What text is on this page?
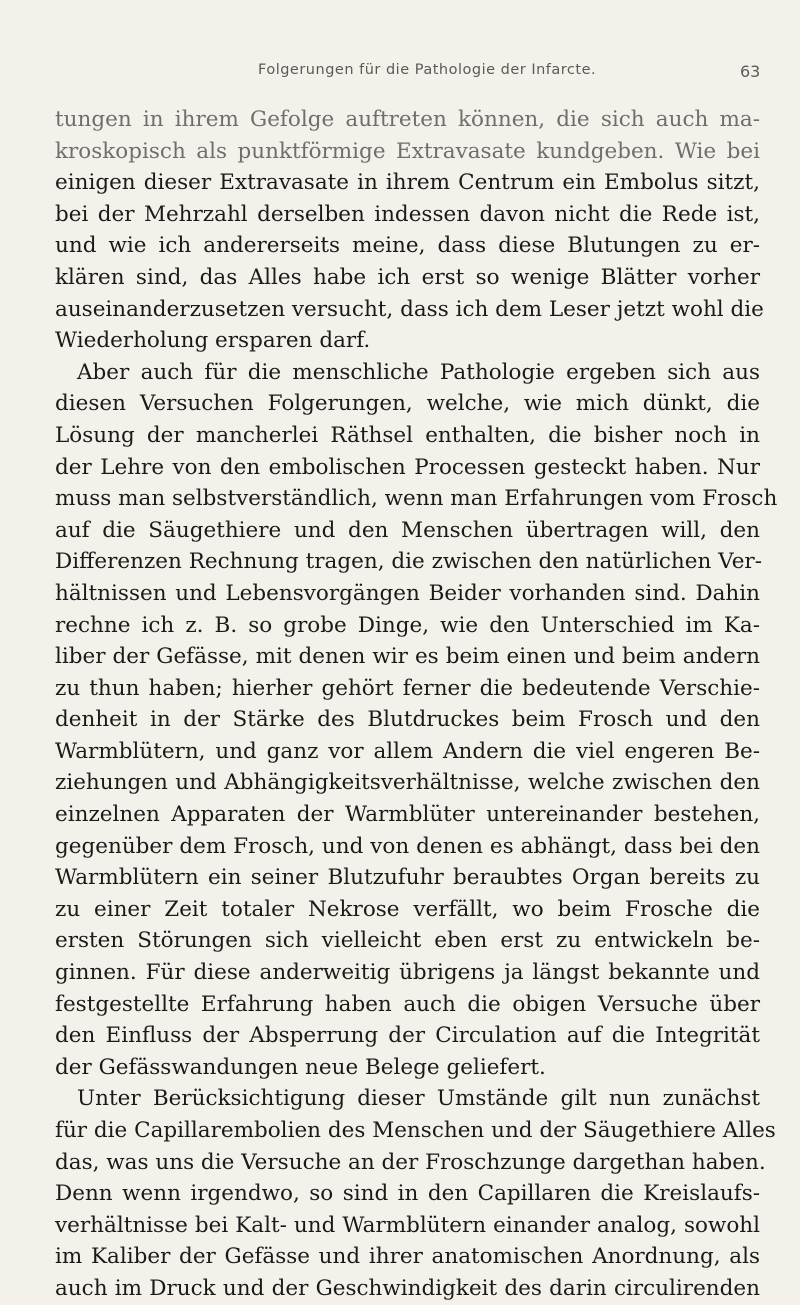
Folgerungen für die Pathologie der Infarcte.	63
tungen in ihrem Gefolge auftreten können, die sich auch ma-
kroskopisch als punktförmige Extravasate kundgeben. Wie bei
einigen dieser Extravasate in ihrem Centrum ein Embolus sitzt,
bei der Mehrzahl derselben indessen davon nicht die Rede ist,
und wie ich andererseits meine, dass diese Blutungen zu er-
klären sind, das Alles habe ich erst so wenige Blätter vorher
auseinanderzusetzen versucht, dass ich dem Leser jetzt wohl die
Wiederholung ersparen darf.
Aber auch für die menschliche Pathologie ergeben sich aus
diesen Versuchen Folgerungen, welche, wie mich dünkt, die
Lösung der mancherlei Räthsel enthalten, die bisher noch in
der Lehre von den embolischen Processen gesteckt haben. Nur
muss man selbstverständlich, wenn man Erfahrungen vom Frosch
auf die Säugethiere und den Menschen übertragen will, den
Differenzen Rechnung tragen, die zwischen den natürlichen Ver-
hältnissen und Lebensvorgängen Beider vorhanden sind. Dahin
rechne ich z. B. so grobe Dinge, wie den Unterschied im Ka-
liber der Gefässe, mit denen wir es beim einen und beim andern
zu thun haben; hierher gehört ferner die bedeutende Verschie-
denheit in der Stärke des Blutdruckes beim Frosch und den
Warmblütern, und ganz vor allem Andern die viel engeren Be-
ziehungen und Abhängigkeitsverhältnisse, welche zwischen den
einzelnen Apparaten der Warmblüter untereinander bestehen,
gegenüber dem Frosch, und von denen es abhängt, dass bei den
Warmblütern ein seiner Blutzufuhr beraubtes Organ bereits zu
zu einer Zeit totaler Nekrose verfällt, wo beim Frosche die
ersten Störungen sich vielleicht eben erst zu entwickeln be-
ginnen. Für diese anderweitig übrigens ja längst bekannte und
festgestellte Erfahrung haben auch die obigen Versuche über
den Einfluss der Absperrung der Circulation auf die Integrität
der Gefässwandungen neue Belege geliefert.
Unter Berücksichtigung dieser Umstände gilt nun zunächst
für die Capillarembolien des Menschen und der Säugethiere Alles
das, was uns die Versuche an der Froschzunge dargethan haben.
Denn wenn irgendwo, so sind in den Capillaren die Kreislaufs-
verhältnisse bei Kalt- und Warmblütern einander analog, sowohl
im Kaliber der Gefässe und ihrer anatomischen Anordnung, als
auch im Druck und der Geschwindigkeit des darin circulirenden
